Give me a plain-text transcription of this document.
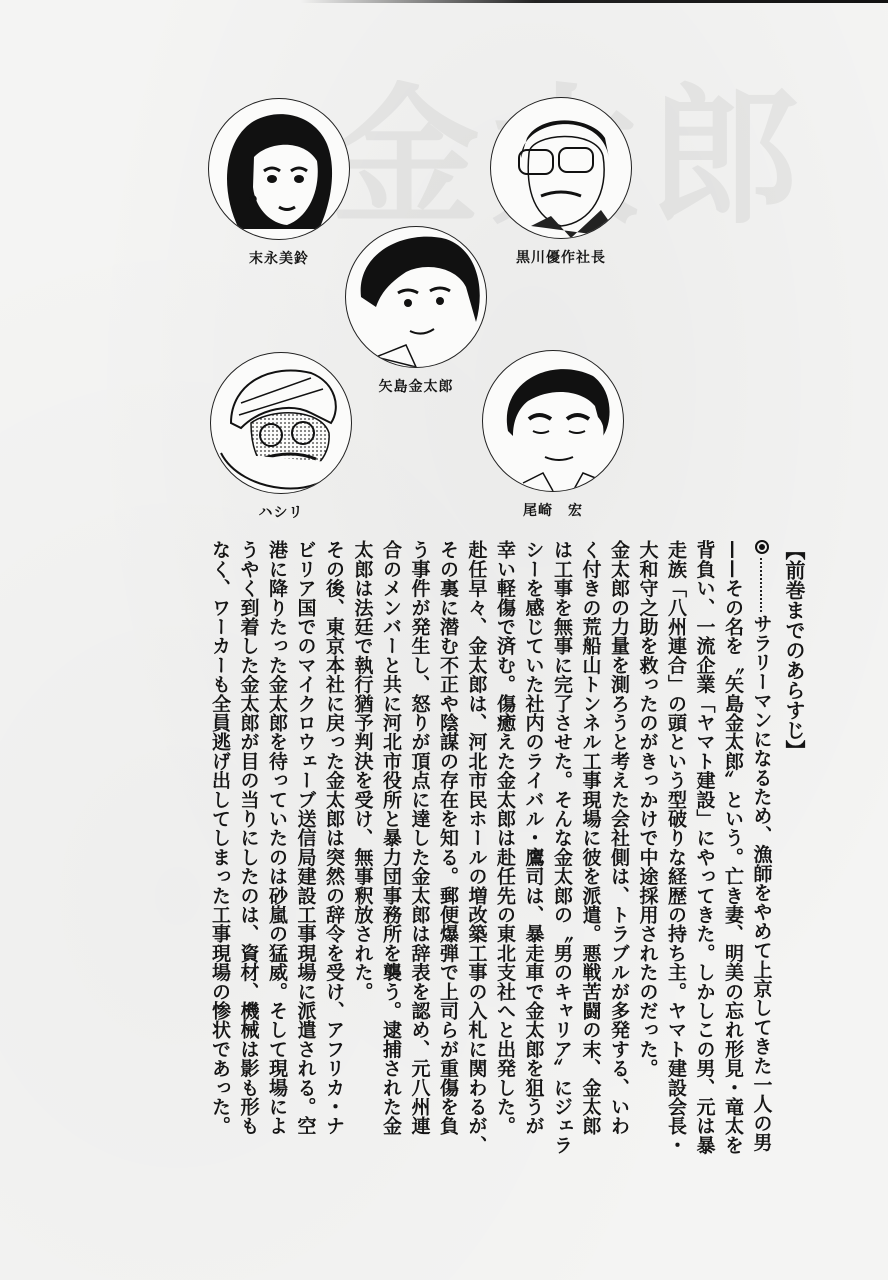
末永美鈴	黒川優作社長
矢島金太郎
ハシリ	尾崎　宏
【前巻までのあらすじ】
サラリーマンになるため、漁師をやめて上京してきた一人の男
——その名を〝矢島金太郎〟という。亡き妻、明美の忘れ形見・竜太を
背負い、一流企業「ヤマト建設」にやってきた。しかしこの男、元は暴
走族「八州連合」の頭という型破りな経歴の持ち主。ヤマト建設会長・
大和守之助を救ったのがきっかけで中途採用されたのだった。
金太郎の力量を測ろうと考えた会社側は、トラブルが多発する、いわ
く付きの荒船山トンネル工事現場に彼を派遣。悪戦苦闘の末、金太郎
は工事を無事に完了させた。そんな金太郎の〝男のキャリア〟にジェラ
シーを感じていた社内のライバル・鷹司は、暴走車で金太郎を狙うが
幸い軽傷で済む。傷癒えた金太郎は赴任先の東北支社へと出発した。
赴任早々、金太郎は、河北市民ホールの増改築工事の入札に関わるが、
その裏に潜む不正や陰謀の存在を知る。郵便爆弾で上司らが重傷を負
う事件が発生し、怒りが頂点に達した金太郎は辞表を認め、元八州連
合のメンバーと共に河北市役所と暴力団事務所を襲う。逮捕された金
太郎は法廷で執行猶予判決を受け、無事釈放された。
その後、東京本社に戻った金太郎は突然の辞令を受け、アフリカ・ナ
ビリア国でのマイクロウェーブ送信局建設工事現場に派遣される。空
港に降りたった金太郎を待っていたのは砂嵐の猛威。そして現場によ
うやく到着した金太郎が目の当りにしたのは、資材、機械は影も形も
なく、ワーカーも全員逃げ出してしまった工事現場の惨状であった。
